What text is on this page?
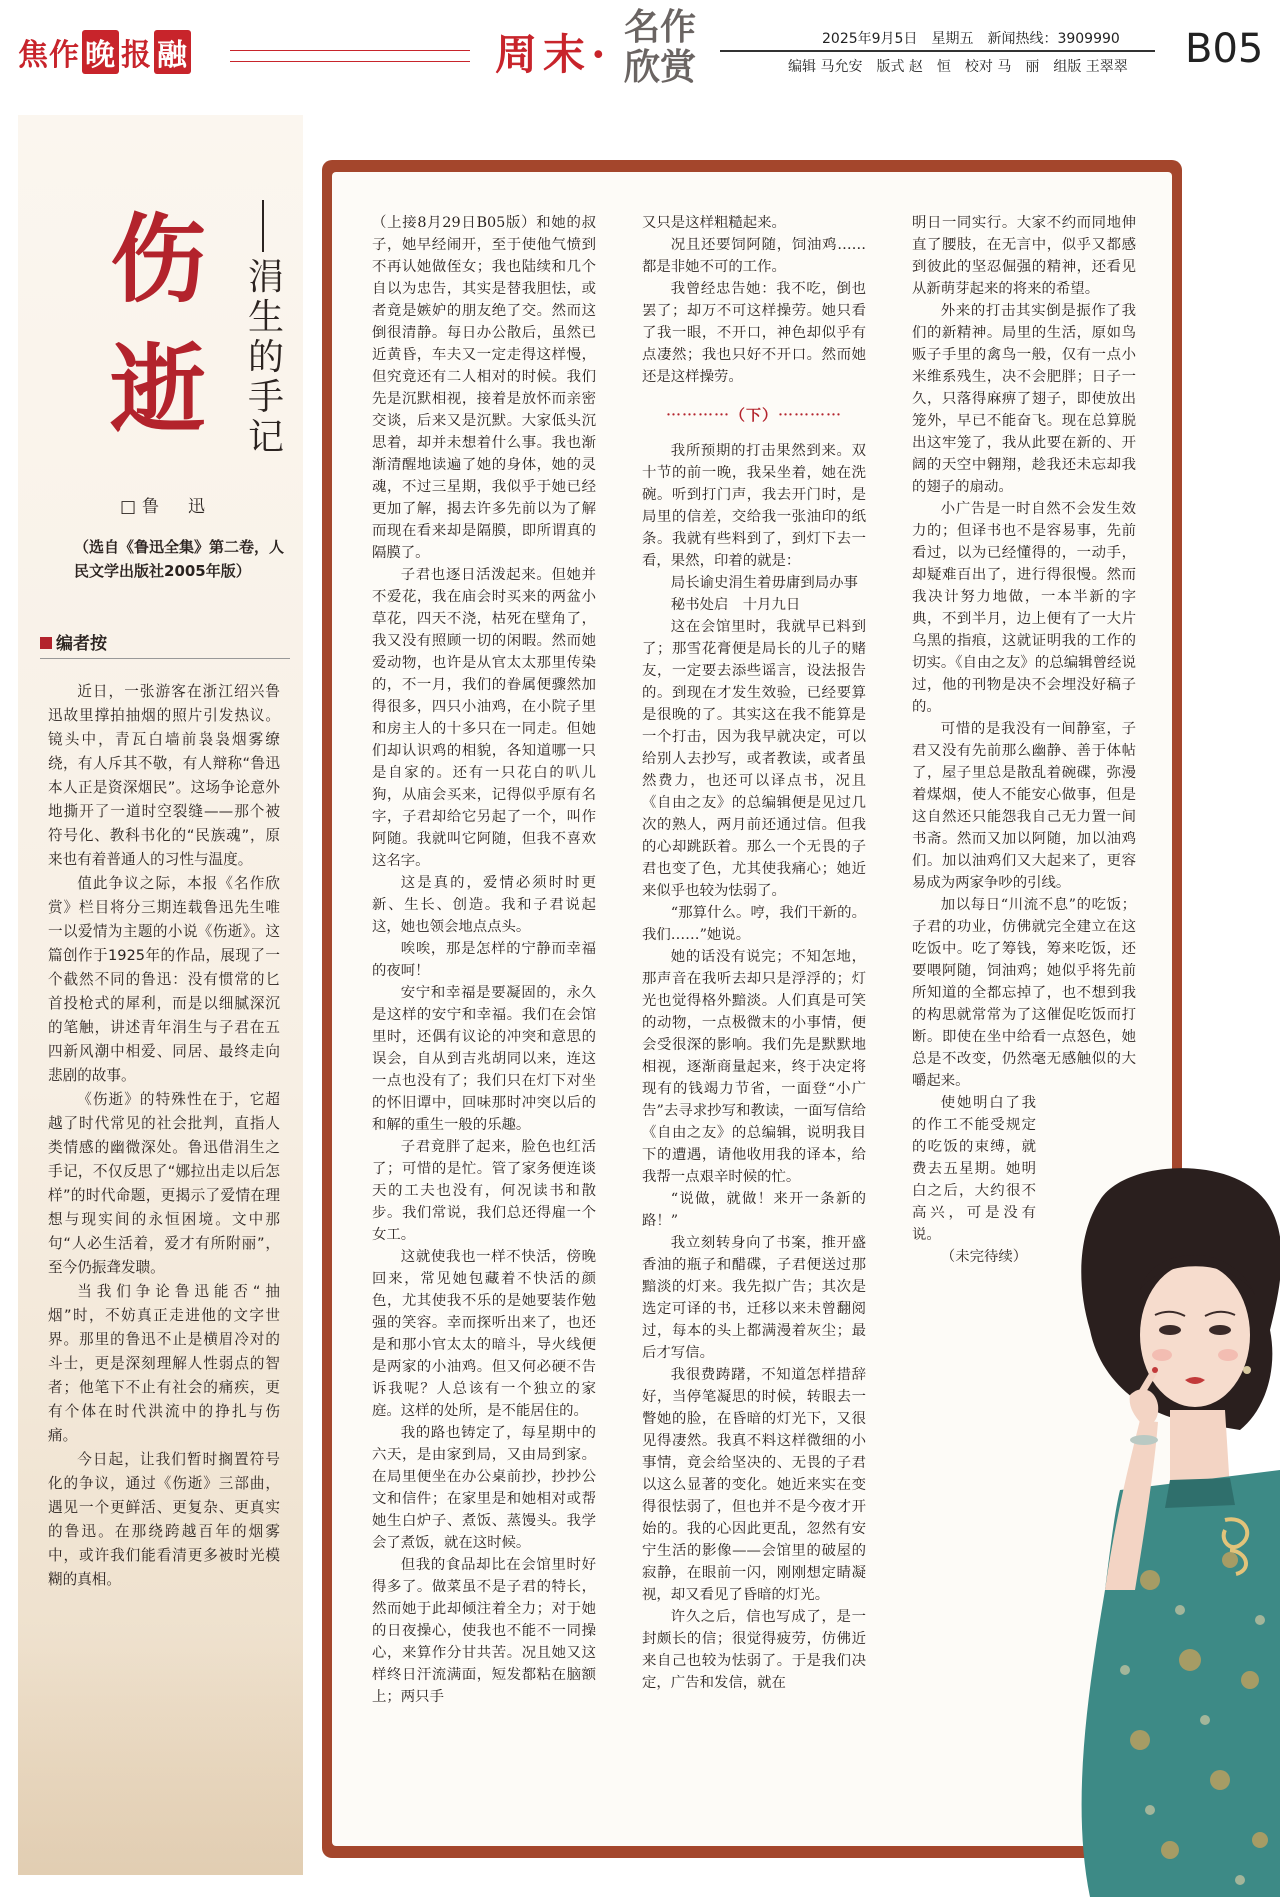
焦作 晚 报 融	周末·
名作欣赏
2025年9月5日　星期五　新闻热线：3909990
编辑 马允安　版式 赵　恒　校对 马　丽　组版 王翠翠 B05
伤逝
涓生的手记
□鲁　迅
（选自《鲁迅全集》第二卷，人民文学出版社2005年版）
编者按

近日，一张游客在浙江绍兴鲁迅故里撑拍抽烟的照片引发热议。镜头中，青瓦白墙前袅袅烟雾缭绕，有人斥其不敬，有人辩称“鲁迅本人正是资深烟民”。这场争论意外地撕开了一道时空裂缝——那个被符号化、教科书化的“民族魂”，原来也有着普通人的习性与温度。

值此争议之际，本报《名作欣赏》栏目将分三期连载鲁迅先生唯一以爱情为主题的小说《伤逝》。这篇创作于1925年的作品，展现了一个截然不同的鲁迅：没有惯常的匕首投枪式的犀利，而是以细腻深沉的笔触，讲述青年涓生与子君在五四新风潮中相爱、同居、最终走向悲剧的故事。

《伤逝》的特殊性在于，它超越了时代常见的社会批判，直指人类情感的幽微深处。鲁迅借涓生之手记，不仅反思了“娜拉出走以后怎样”的时代命题，更揭示了爱情在理想与现实间的永恒困境。文中那句“人必生活着，爱才有所附丽”，至今仍振聋发聩。

当我们争论鲁迅能否“抽烟”时，不妨真正走进他的文字世界。那里的鲁迅不止是横眉冷对的斗士，更是深刻理解人性弱点的智者；他笔下不止有社会的痛疾，更有个体在时代洪流中的挣扎与伤痛。

今日起，让我们暂时搁置符号化的争议，通过《伤逝》三部曲，遇见一个更鲜活、更复杂、更真实的鲁迅。在那绕跨越百年的烟雾中，或许我们能看清更多被时光模糊的真相。

（上接8月29日B05版）和她的叔子，她早经闹开，至于使他气愤到不再认她做侄女；我也陆续和几个自以为忠告，其实是替我胆怯，或者竟是嫉妒的朋友绝了交。然而这倒很清静。每日办公散后，虽然已近黄昏，车夫又一定走得这样慢，但究竟还有二人相对的时候。我们先是沉默相视，接着是放怀而亲密交谈，后来又是沉默。大家低头沉思着，却并未想着什么事。我也渐渐清醒地读遍了她的身体，她的灵魂，不过三星期，我似乎于她已经更加了解，揭去许多先前以为了解而现在看来却是隔膜，即所谓真的隔膜了。

子君也逐日活泼起来。但她并不爱花，我在庙会时买来的两盆小草花，四天不浇，枯死在壁角了，我又没有照顾一切的闲暇。然而她爱动物，也许是从官太太那里传染的，不一月，我们的眷属便骤然加得很多，四只小油鸡，在小院子里和房主人的十多只在一同走。但她们却认识鸡的相貌，各知道哪一只是自家的。还有一只花白的叭儿狗，从庙会买来，记得似乎原有名字，子君却给它另起了一个，叫作阿随。我就叫它阿随，但我不喜欢这名字。

这是真的，爱情必须时时更新、生长、创造。我和子君说起这，她也领会地点点头。

唉唉，那是怎样的宁静而幸福的夜呵！

安宁和幸福是要凝固的，永久是这样的安宁和幸福。我们在会馆里时，还偶有议论的冲突和意思的误会，自从到吉兆胡同以来，连这一点也没有了；我们只在灯下对坐的怀旧谭中，回味那时冲突以后的和解的重生一般的乐趣。

子君竟胖了起来，脸色也红活了；可惜的是忙。管了家务便连谈天的工夫也没有，何况读书和散步。我们常说，我们总还得雇一个女工。

这就使我也一样不快活，傍晚回来，常见她包藏着不快活的颜色，尤其使我不乐的是她要装作勉强的笑容。幸而探听出来了，也还是和那小官太太的暗斗，导火线便是两家的小油鸡。但又何必硬不告诉我呢？人总该有一个独立的家庭。这样的处所，是不能居住的。

我的路也铸定了，每星期中的六天，是由家到局，又由局到家。在局里便坐在办公桌前抄，抄抄公文和信件；在家里是和她相对或帮她生白炉子、煮饭、蒸馒头。我学会了煮饭，就在这时候。

但我的食品却比在会馆里时好得多了。做菜虽不是子君的特长，然而她于此却倾注着全力；对于她的日夜操心，使我也不能不一同操心，来算作分甘共苦。况且她又这样终日汗流满面，短发都粘在脑额上；两只手

又只是这样粗糙起来。

况且还要饲阿随，饲油鸡……都是非她不可的工作。

我曾经忠告她：我不吃，倒也罢了；却万不可这样操劳。她只看了我一眼，不开口，神色却似乎有点凄然；我也只好不开口。然而她还是这样操劳。

⋯⋯⋯⋯（下）⋯⋯⋯⋯

我所预期的打击果然到来。双十节的前一晚，我呆坐着，她在洗碗。听到打门声，我去开门时，是局里的信差，交给我一张油印的纸条。我就有些料到了，到灯下去一看，果然，印着的就是：

局长谕史涓生着毋庸到局办事

秘书处启　十月九日

这在会馆里时，我就早已料到了；那雪花膏便是局长的儿子的赌友，一定要去添些谣言，设法报告的。到现在才发生效验，已经要算是很晚的了。其实这在我不能算是一个打击，因为我早就决定，可以给别人去抄写，或者教读，或者虽然费力，也还可以译点书，况且《自由之友》的总编辑便是见过几次的熟人，两月前还通过信。但我的心却跳跃着。那么一个无畏的子君也变了色，尤其使我痛心；她近来似乎也较为怯弱了。

“那算什么。哼，我们干新的。我们……”她说。

她的话没有说完；不知怎地，那声音在我听去却只是浮浮的；灯光也觉得格外黯淡。人们真是可笑的动物，一点极微末的小事情，便会受很深的影响。我们先是默默地相视，逐渐商量起来，终于决定将现有的钱竭力节省，一面登“小广告”去寻求抄写和教读，一面写信给《自由之友》的总编辑，说明我目下的遭遇，请他收用我的译本，给我帮一点艰辛时候的忙。

“说做，就做！来开一条新的路！”

我立刻转身向了书案，推开盛香油的瓶子和醋碟，子君便送过那黯淡的灯来。我先拟广告；其次是选定可译的书，迁移以来未曾翻阅过，每本的头上都满漫着灰尘；最后才写信。

我很费踌躇，不知道怎样措辞好，当停笔凝思的时候，转眼去一瞥她的脸，在昏暗的灯光下，又很见得凄然。我真不料这样微细的小事情，竟会给坚决的、无畏的子君以这么显著的变化。她近来实在变得很怯弱了，但也并不是今夜才开始的。我的心因此更乱，忽然有安宁生活的影像——会馆里的破屋的寂静，在眼前一闪，刚刚想定睛凝视，却又看见了昏暗的灯光。

许久之后，信也写成了，是一封颇长的信；很觉得疲劳，仿佛近来自己也较为怯弱了。于是我们决定，广告和发信，就在

明日一同实行。大家不约而同地伸直了腰肢，在无言中，似乎又都感到彼此的坚忍倔强的精神，还看见从新萌芽起来的将来的希望。

外来的打击其实倒是振作了我们的新精神。局里的生活，原如鸟贩子手里的禽鸟一般，仅有一点小米维系残生，决不会肥胖；日子一久，只落得麻痹了翅子，即使放出笼外，早已不能奋飞。现在总算脱出这牢笼了，我从此要在新的、开阔的天空中翱翔，趁我还未忘却我的翅子的扇动。

小广告是一时自然不会发生效力的；但译书也不是容易事，先前看过，以为已经懂得的，一动手，却疑难百出了，进行得很慢。然而我决计努力地做，一本半新的字典，不到半月，边上便有了一大片乌黑的指痕，这就证明我的工作的切实。《自由之友》的总编辑曾经说过，他的刊物是决不会埋没好稿子的。

可惜的是我没有一间静室，子君又没有先前那么幽静、善于体帖了，屋子里总是散乱着碗碟，弥漫着煤烟，使人不能安心做事，但是这自然还只能怨我自己无力置一间书斋。然而又加以阿随，加以油鸡们。加以油鸡们又大起来了，更容易成为两家争吵的引线。

加以每日“川流不息”的吃饭；子君的功业，仿佛就完全建立在这吃饭中。吃了筹钱，筹来吃饭，还要喂阿随，饲油鸡；她似乎将先前所知道的全都忘掉了，也不想到我的构思就常常为了这催促吃饭而打断。即使在坐中给看一点怒色，她总是不改变，仍然毫无感触似的大嚼起来。

使她明白了我的作工不能受规定的吃饭的束缚，就费去五星期。她明白之后，大约很不高兴，可是没有说。

（未完待续）
